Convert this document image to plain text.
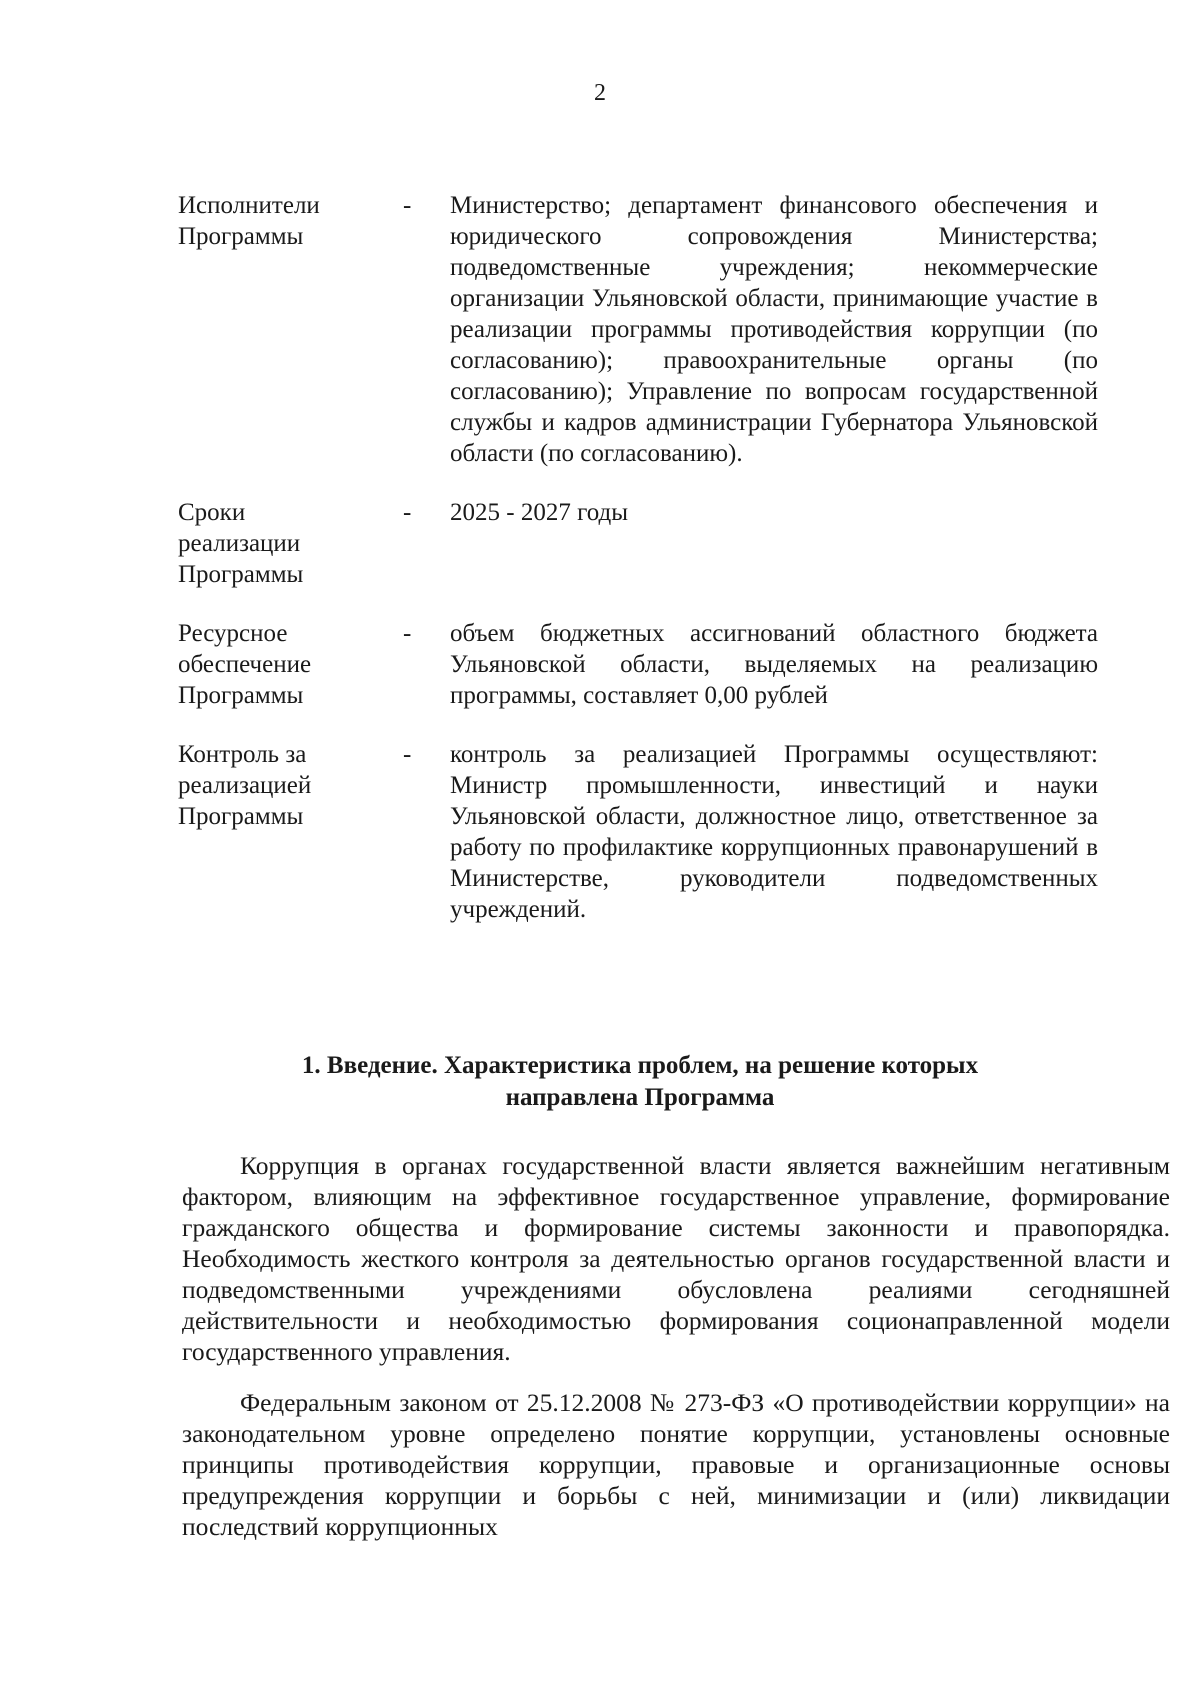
2
Исполнители
Программы
-	Министерство; департамент финансового обеспечения и юридического сопровождения Министерства; подведомственные учреждения; некоммерческие организации Ульяновской области, принимающие участие в реализации программы противодействия коррупции (по согласованию); правоохранительные органы (по согласованию); Управление по вопросам государственной службы и кадров администрации Губернатора Ульяновской области (по согласованию).
Сроки
реализации
Программы
-	2025 - 2027 годы
Ресурсное
обеспечение
Программы
-	объем бюджетных ассигнований областного бюджета Ульяновской области, выделяемых на реализацию программы, составляет 0,00 рублей
Контроль за
реализацией
Программы
-	контроль за реализацией Программы осуществляют: Министр промышленности, инвестиций и науки Ульяновской области, должностное лицо, ответственное за работу по профилактике коррупционных правонарушений в Министерстве, руководители подведомственных учреждений.
1. Введение. Характеристика проблем, на решение которых
направлена Программа

Коррупция в органах государственной власти является важнейшим негативным фактором, влияющим на эффективное государственное управление, формирование гражданского общества и формирование системы законности и правопорядка. Необходимость жесткого контроля за деятельностью органов государственной власти и подведомственными учреждениями обусловлена реалиями сегодняшней действительности и необходимостью формирования соционаправленной модели государственного управления.

Федеральным законом от 25.12.2008 № 273-ФЗ «О противодействии коррупции» на законодательном уровне определено понятие коррупции, установлены основные принципы противодействия коррупции, правовые и организационные основы предупреждения коррупции и борьбы с ней, минимизации и (или) ликвидации последствий коррупционных
